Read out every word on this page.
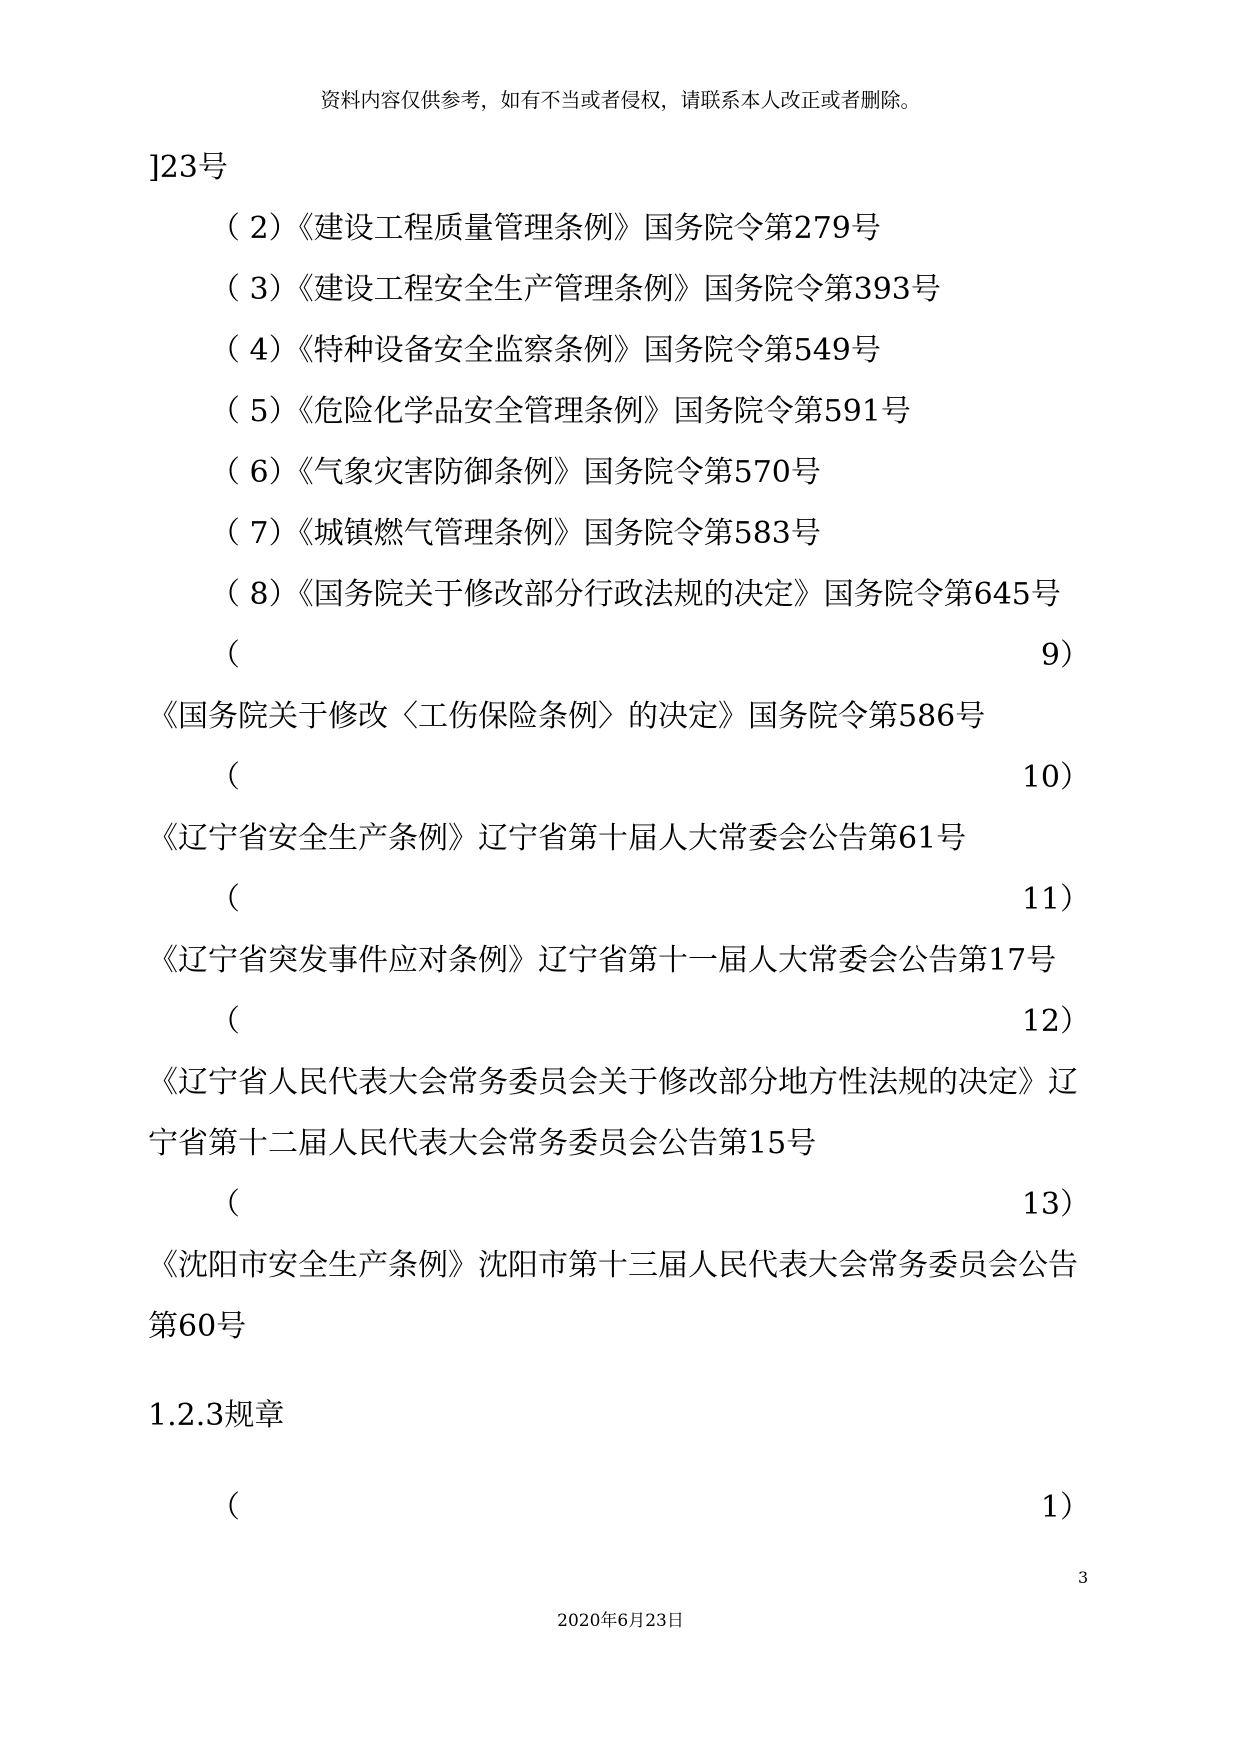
资料内容仅供参考，如有不当或者侵权，请联系本人改正或者删除。
]23号
（ 2）《建设工程质量管理条例》国务院令第279号
（ 3）《建设工程安全生产管理条例》国务院令第393号
（ 4）《特种设备安全监察条例》国务院令第549号
（ 5）《危险化学品安全管理条例》国务院令第591号
（ 6）《气象灾害防御条例》国务院令第570号
（ 7）《城镇燃气管理条例》国务院令第583号
（ 8）《国务院关于修改部分行政法规的决定》国务院令第645号
（	9）
《国务院关于修改〈工伤保险条例〉的决定》国务院令第586号
（	10）
《辽宁省安全生产条例》辽宁省第十届人大常委会公告第61号
（	11）
《辽宁省突发事件应对条例》辽宁省第十一届人大常委会公告第17号
（	12）
《辽宁省人民代表大会常务委员会关于修改部分地方性法规的决定》辽
宁省第十二届人民代表大会常务委员会公告第15号
（	13）
《沈阳市安全生产条例》沈阳市第十三届人民代表大会常务委员会公告
第60号
1.2.3规章
（	1）
3
2020年6月23日
